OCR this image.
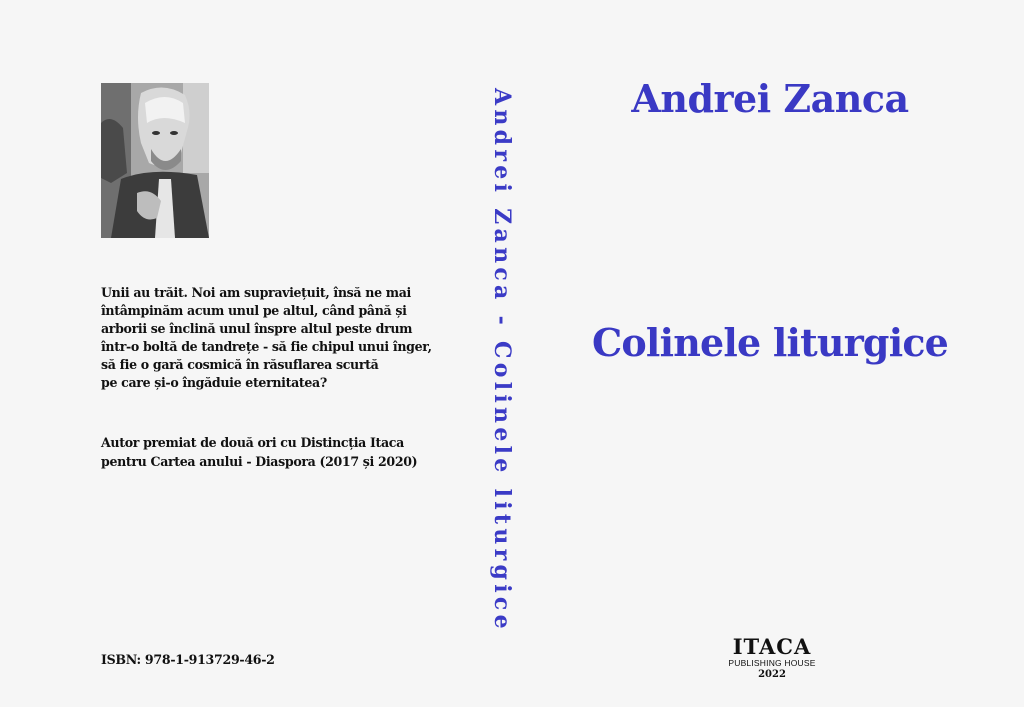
Unii au trăit. Noi am supraviețuit, însă ne mai
întâmpinăm acum unul pe altul, când până și
arborii se înclină unul înspre altul peste drum
într-o boltă de tandrețe - să fie chipul unui înger,
să fie o gară cosmică în răsuflarea scurtă
pe care și-o îngăduie eternitatea?
Autor premiat de două ori cu Distincția Itaca
pentru Cartea anului - Diaspora (2017 și 2020)
ISBN: 978-1-913729-46-2
Andrei Zanca - Colinele liturgice	Andrei Zanca
Colinele liturgice
ITACA
PUBLISHING HOUSE
2022
